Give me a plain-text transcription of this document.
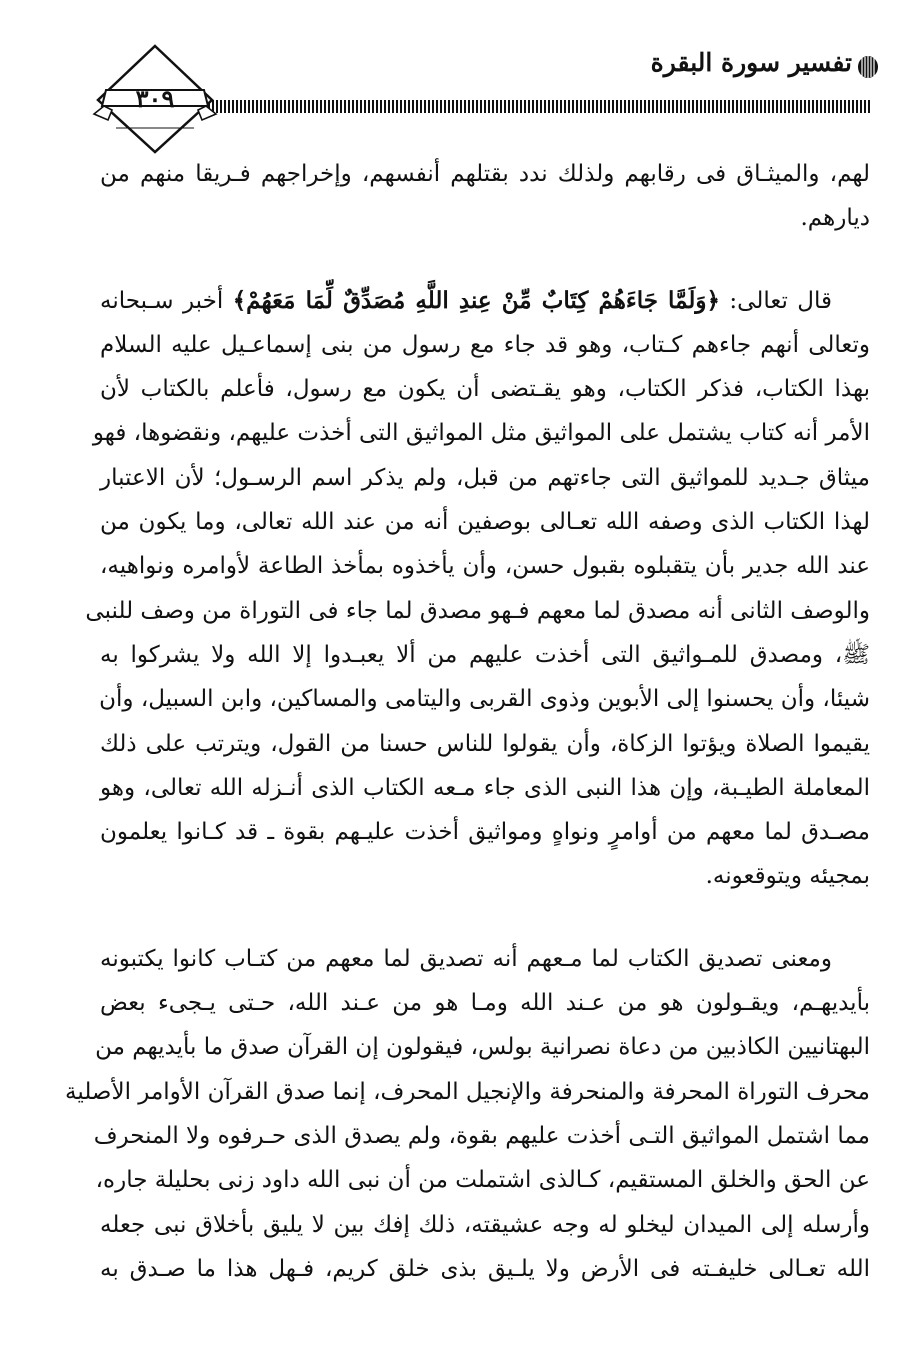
تفسير سورة البقرة
٣٠٩
لهم، والميثـاق فى رقابهم ولذلك ندد بقتلهم أنفسهم، وإخراجهم فـريقا منهم من
ديارهم.
قال تعالى: ﴿وَلَمَّا جَاءَهُمْ كِتَابٌ مِّنْ عِندِ اللَّهِ مُصَدِّقٌ لِّمَا مَعَهُمْ﴾ أخبر سـبحانه
وتعالى أنهم جاءهم كـتاب، وهو قد جاء مع رسول من بنى إسماعـيل عليه السلام
بهذا الكتاب، فذكر الكتاب، وهو يقـتضى أن يكون مع رسول، فأعلم بالكتاب لأن
الأمر أنه كتاب يشتمل على المواثيق مثل المواثيق التى أخذت عليهم، ونقضوها، فهو
ميثاق جـديد للمواثيق التى جاءتهم من قبل، ولم يذكر اسم الرسـول؛ لأن الاعتبار
لهذا الكتاب الذى وصفه الله تعـالى بوصفين أنه من عند الله تعالى، وما يكون من
عند الله جدير بأن يتقبلوه بقبول حسن، وأن يأخذوه بمأخذ الطاعة لأوامره ونواهيه،
والوصف الثانى أنه مصدق لما معهم فـهو مصدق لما جاء فى التوراة من وصف للنبى
ﷺ، ومصدق للمـواثيق التى أخذت عليهم من ألا يعبـدوا إلا الله ولا يشركوا به
شيئا، وأن يحسنوا إلى الأبوين وذوى القربى واليتامى والمساكين، وابن السبيل، وأن
يقيموا الصلاة ويؤتوا الزكاة، وأن يقولوا للناس حسنا من القول، ويترتب على ذلك
المعاملة الطيـبة، وإن هذا النبى الذى جاء مـعه الكتاب الذى أنـزله الله تعالى، وهو
مصـدق لما معهم من أوامرٍ ونواهٍ ومواثيق أخذت عليـهم بقوة ـ قد كـانوا يعلمون
بمجيئه ويتوقعونه.
ومعنى تصديق الكتاب لما مـعهم أنه تصديق لما معهم من كتـاب كانوا يكتبونه
بأيديهـم، ويقـولون هو من عـند الله ومـا هو من عـند الله، حـتى يـجىء بعض
البهتانيين الكاذبين من دعاة نصرانية بولس، فيقولون إن القرآن صدق ما بأيديهم من
محرف التوراة المحرفة والمنحرفة والإنجيل المحرف، إنما صدق القرآن الأوامر الأصلية
مما اشتمل المواثيق التـى أخذت عليهم بقوة، ولم يصدق الذى حـرفوه ولا المنحرف
عن الحق والخلق المستقيم، كـالذى اشتملت من أن نبى الله داود زنى بحليلة جاره،
وأرسله إلى الميدان ليخلو له وجه عشيقته، ذلك إفك بين لا يليق بأخلاق نبى جعله
الله تعـالى خليفـته فى الأرض ولا يلـيق بذى خلق كريم، فـهل هذا ما صـدق به
